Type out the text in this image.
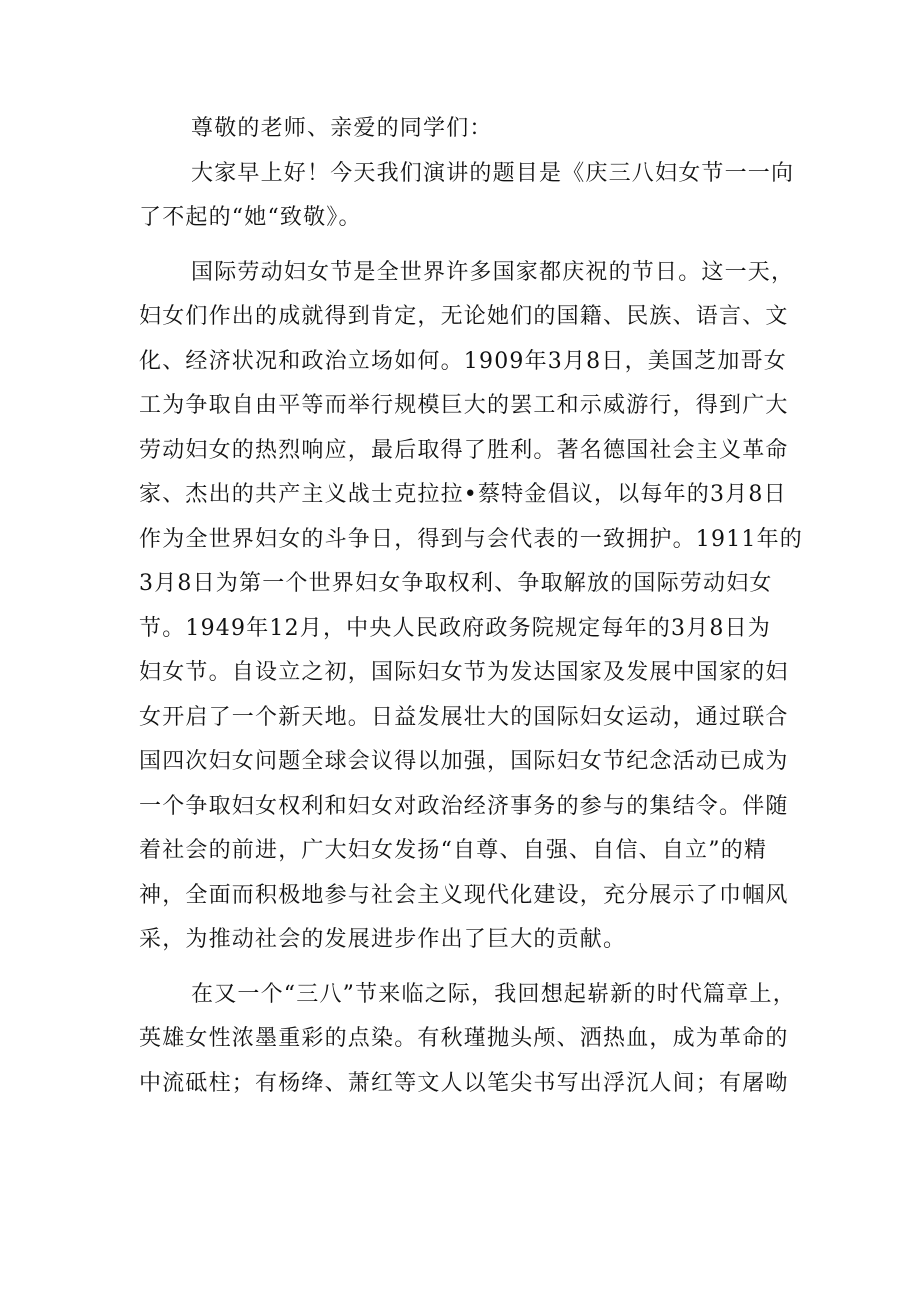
尊敬的老师、亲爱的同学们：
大家早上好！今天我们演讲的题目是《庆三八妇女节一一向
了不起的“她“致敬》。
国际劳动妇女节是全世界许多国家都庆祝的节日。这一天，
妇女们作出的成就得到肯定，无论她们的国籍、民族、语言、文
化、经济状况和政治立场如何。1909年3月8日，美国芝加哥女
工为争取自由平等而举行规模巨大的罢工和示威游行，得到广大
劳动妇女的热烈响应，最后取得了胜利。著名德国社会主义革命
家、杰出的共产主义战士克拉拉•蔡特金倡议，以每年的3月8日
作为全世界妇女的斗争日，得到与会代表的一致拥护。1911年的
3月8日为第一个世界妇女争取权利、争取解放的国际劳动妇女
节。1949年12月，中央人民政府政务院规定每年的3月8日为
妇女节。自设立之初，国际妇女节为发达国家及发展中国家的妇
女开启了一个新天地。日益发展壮大的国际妇女运动，通过联合
国四次妇女问题全球会议得以加强，国际妇女节纪念活动已成为
一个争取妇女权利和妇女对政治经济事务的参与的集结令。伴随
着社会的前进，广大妇女发扬“自尊、自强、自信、自立”的精
神，全面而积极地参与社会主义现代化建设，充分展示了巾帼风
采，为推动社会的发展进步作出了巨大的贡献。
在又一个“三八”节来临之际，我回想起崭新的时代篇章上，
英雄女性浓墨重彩的点染。有秋瑾抛头颅、洒热血，成为革命的
中流砥柱；有杨绛、萧红等文人以笔尖书写出浮沉人间；有屠呦
